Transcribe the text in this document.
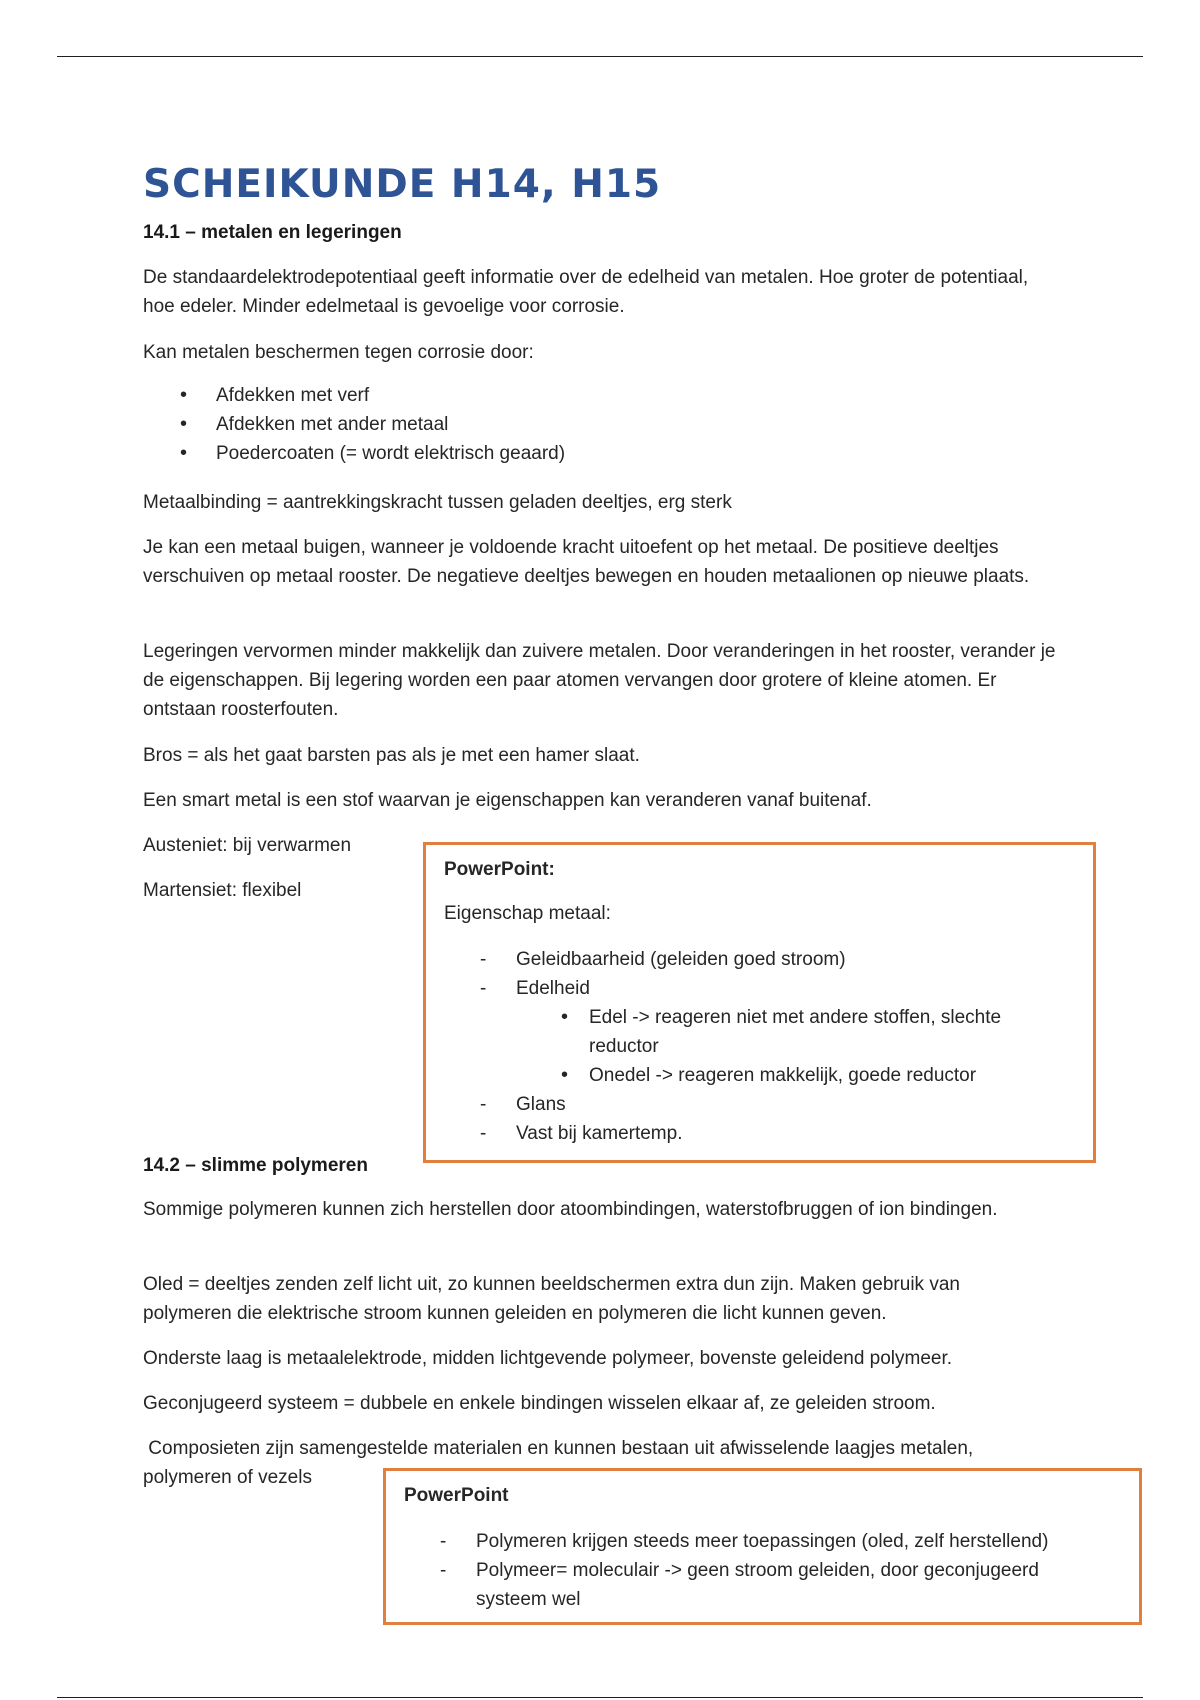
SCHEIKUNDE H14, H15

14.1 – metalen en legeringen

De standaardelektrodepotentiaal geeft informatie over de edelheid van metalen. Hoe groter de potentiaal, hoe edeler. Minder edelmetaal is gevoelige voor corrosie.

Kan metalen beschermen tegen corrosie door:

• Afdekken met verf
• Afdekken met ander metaal
• Poedercoaten (= wordt elektrisch geaard)

Metaalbinding = aantrekkingskracht tussen geladen deeltjes, erg sterk

Je kan een metaal buigen, wanneer je voldoende kracht uitoefent op het metaal. De positieve deeltjes verschuiven op metaal rooster. De negatieve deeltjes bewegen en houden metaalionen op nieuwe plaats.

Legeringen vervormen minder makkelijk dan zuivere metalen. Door veranderingen in het rooster, verander je de eigenschappen. Bij legering worden een paar atomen vervangen door grotere of kleine atomen. Er ontstaan roosterfouten.

Bros = als het gaat barsten pas als je met een hamer slaat.

Een smart metal is een stof waarvan je eigenschappen kan veranderen vanaf buitenaf.

Austeniet: bij verwarmen

Martensiet: flexibel

PowerPoint:

Eigenschap metaal:

- Geleidbaarheid (geleiden goed stroom)
- Edelheid
• Edel -> reageren niet met andere stoffen, slechte reductor
• Onedel -> reageren makkelijk, goede reductor
- Glans
- Vast bij kamertemp.

14.2 – slimme polymeren

Sommige polymeren kunnen zich herstellen door atoombindingen, waterstofbruggen of ion bindingen.

Oled = deeltjes zenden zelf licht uit, zo kunnen beeldschermen extra dun zijn. Maken gebruik van polymeren die elektrische stroom kunnen geleiden en polymeren die licht kunnen geven.

Onderste laag is metaalelektrode, midden lichtgevende polymeer, bovenste geleidend polymeer.

Geconjugeerd systeem = dubbele en enkele bindingen wisselen elkaar af, ze geleiden stroom.

Composieten zijn samengestelde materialen en kunnen bestaan uit afwisselende laagjes metalen,

polymeren of vezels

PowerPoint

- Polymeren krijgen steeds meer toepassingen (oled, zelf herstellend)
- Polymeer= moleculair -> geen stroom geleiden, door geconjugeerd systeem wel
